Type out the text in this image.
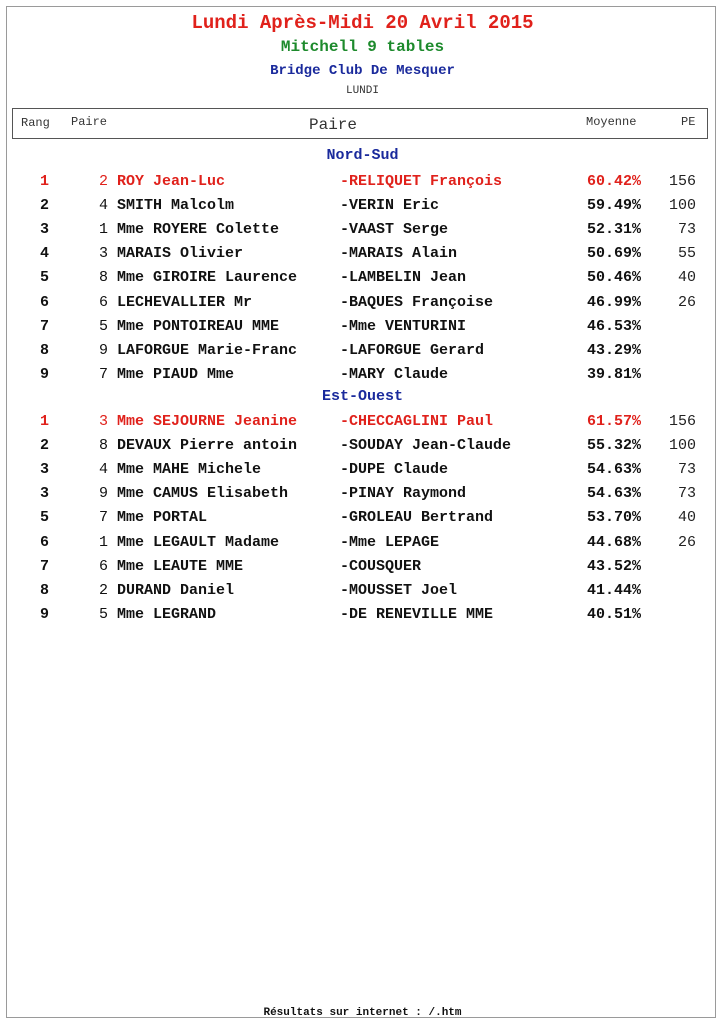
Lundi Après-Midi 20 Avril 2015
Mitchell 9 tables
Bridge Club De Mesquer
LUNDI
Rang Paire	Paire	Moyenne	PE
Nord-Sud
1	2 ROY Jean-Luc	-RELIQUET François	60.42%	156
2	4 SMITH Malcolm	-VERIN Eric	59.49%	100
3	1 Mme ROYERE Colette	-VAAST Serge	52.31%	73
4	3 MARAIS Olivier	-MARAIS Alain	50.69%	55
5	8 Mme GIROIRE Laurence	-LAMBELIN Jean	50.46%	40
6	6 LECHEVALLIER Mr	-BAQUES Françoise	46.99%	26
7	5 Mme PONTOIREAU MME	-Mme VENTURINI	46.53%
8	9 LAFORGUE Marie-Franc	-LAFORGUE Gerard	43.29%
9	7 Mme PIAUD Mme	-MARY Claude	39.81%
Est-Ouest
1	3 Mme SEJOURNE Jeanine	-CHECCAGLINI Paul	61.57%	156
2	8 DEVAUX Pierre antoin	-SOUDAY Jean-Claude	55.32%	100
3	4 Mme MAHE Michele	-DUPE Claude	54.63%	73
3	9 Mme CAMUS Elisabeth	-PINAY Raymond	54.63%	73
5	7 Mme PORTAL	-GROLEAU Bertrand	53.70%	40
6	1 Mme LEGAULT Madame	-Mme LEPAGE	44.68%	26
7	6 Mme LEAUTE MME	-COUSQUER	43.52%
8	2 DURAND Daniel	-MOUSSET Joel	41.44%
9	5 Mme LEGRAND	-DE RENEVILLE MME	40.51%
Résultats sur internet : /.htm
